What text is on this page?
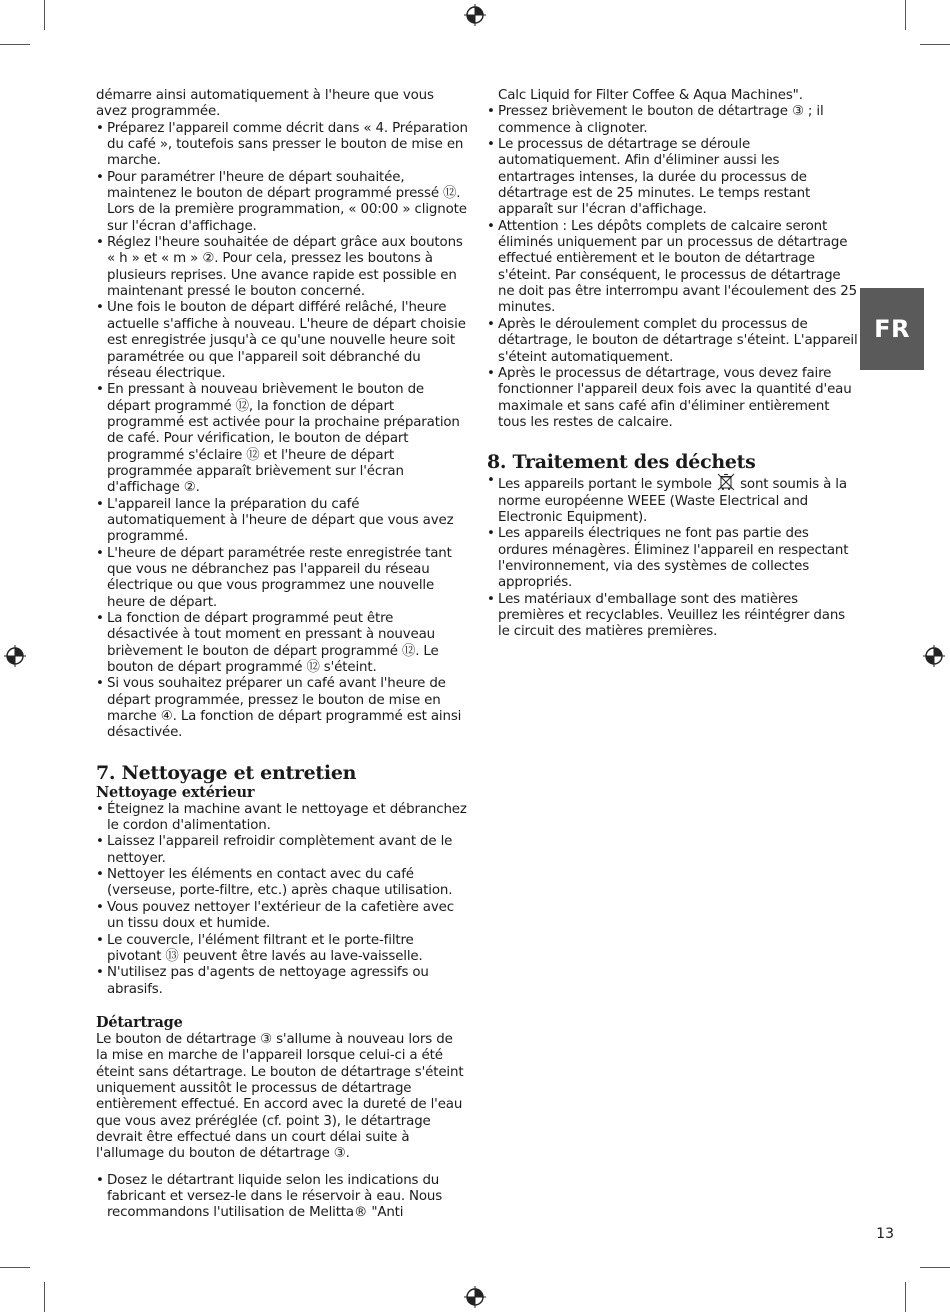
démarre ainsi automatiquement à l'heure que vous avez programmée.

• Préparez l'appareil comme décrit dans « 4. Préparation du café », toutefois sans presser le bouton de mise en marche.
• Pour paramétrer l'heure de départ souhaitée, maintenez le bouton de départ programmé pressé ⑫. Lors de la première programmation, « 00:00 » clignote sur l'écran d'affichage.
• Réglez l'heure souhaitée de départ grâce aux boutons « h » et « m » ②. Pour cela, pressez les boutons à plusieurs reprises. Une avance rapide est possible en maintenant pressé le bouton concerné.
• Une fois le bouton de départ différé relâché, l'heure actuelle s'affiche à nouveau. L'heure de départ choisie est enregistrée jusqu'à ce qu'une nouvelle heure soit paramétrée ou que l'appareil soit débranché du réseau électrique.
• En pressant à nouveau brièvement le bouton de départ programmé ⑫, la fonction de départ programmé est activée pour la prochaine préparation de café. Pour vérification, le bouton de départ programmé s'éclaire ⑫ et l'heure de départ programmée apparaît brièvement sur l'écran d'affichage ②.
• L'appareil lance la préparation du café automatiquement à l'heure de départ que vous avez programmé.
• L'heure de départ paramétrée reste enregistrée tant que vous ne débranchez pas l'appareil du réseau électrique ou que vous programmez une nouvelle heure de départ.
• La fonction de départ programmé peut être désactivée à tout moment en pressant à nouveau brièvement le bouton de départ programmé ⑫. Le bouton de départ programmé ⑫ s'éteint.
• Si vous souhaitez préparer un café avant l'heure de départ programmée, pressez le bouton de mise en marche ④. La fonction de départ programmé est ainsi désactivée.
7. Nettoyage et entretien
Nettoyage extérieur
• Éteignez la machine avant le nettoyage et débranchez le cordon d'alimentation.
• Laissez l'appareil refroidir complètement avant de le nettoyer.
• Nettoyer les éléments en contact avec du café (verseuse, porte-filtre, etc.) après chaque utilisation.
• Vous pouvez nettoyer l'extérieur de la cafetière avec un tissu doux et humide.
• Le couvercle, l'élément filtrant et le porte-filtre pivotant ⑬ peuvent être lavés au lave-vaisselle.
• N'utilisez pas d'agents de nettoyage agressifs ou abrasifs.
Détartrage

Le bouton de détartrage ③ s'allume à nouveau lors de la mise en marche de l'appareil lorsque celui-ci a été éteint sans détartrage. Le bouton de détartrage s'éteint uniquement aussitôt le processus de détartrage entièrement effectué. En accord avec la dureté de l'eau que vous avez préréglée (cf. point 3), le détartrage devrait être effectué dans un court délai suite à l'allumage du bouton de détartrage ③.

• Dosez le détartrant liquide selon les indications du fabricant et versez-le dans le réservoir à eau. Nous recommandons l'utilisation de Melitta® "Anti

Calc Liquid for Filter Coffee & Aqua Machines".

• Pressez brièvement le bouton de détartrage ③ ; il commence à clignoter.
• Le processus de détartrage se déroule automatiquement. Afin d'éliminer aussi les entartrages intenses, la durée du processus de détartrage est de 25 minutes. Le temps restant apparaît sur l'écran d'affichage.
• Attention : Les dépôts complets de calcaire seront éliminés uniquement par un processus de détartrage effectué entièrement et le bouton de détartrage s'éteint. Par conséquent, le processus de détartrage ne doit pas être interrompu avant l'écoulement des 25 minutes.
• Après le déroulement complet du processus de détartrage, le bouton de détartrage s'éteint. L'appareil s'éteint automatiquement.
• Après le processus de détartrage, vous devez faire fonctionner l'appareil deux fois avec la quantité d'eau maximale et sans café afin d'éliminer entièrement tous les restes de calcaire.
8. Traitement des déchets
• Les appareils portant le symbole  sont soumis à la norme européenne WEEE (Waste Electrical and Electronic Equipment).
• Les appareils électriques ne font pas partie des ordures ménagères. Éliminez l'appareil en respectant l'environnement, via des systèmes de collectes appropriés.
• Les matériaux d'emballage sont des matières premières et recyclables. Veuillez les réintégrer dans le circuit des matières premières.
FR
13
